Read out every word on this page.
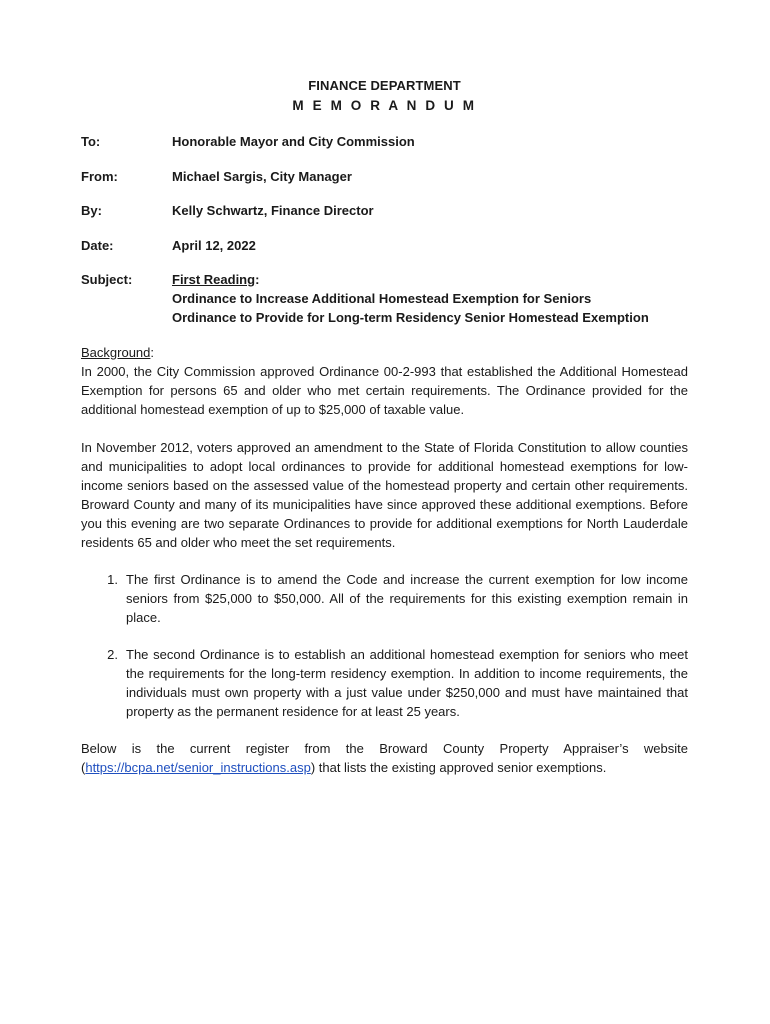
FINANCE DEPARTMENT
M E M O R A N D U M
To:	Honorable Mayor and City Commission
From:	Michael Sargis, City Manager
By:	Kelly Schwartz, Finance Director
Date:	April 12, 2022
Subject:	First Reading:
Ordinance to Increase Additional Homestead Exemption for Seniors
Ordinance to Provide for Long-term Residency Senior Homestead Exemption
Background:

In 2000, the City Commission approved Ordinance 00-2-993 that established the Additional Homestead Exemption for persons 65 and older who met certain requirements. The Ordinance provided for the additional homestead exemption of up to $25,000 of taxable value.

In November 2012, voters approved an amendment to the State of Florida Constitution to allow counties and municipalities to adopt local ordinances to provide for additional homestead exemptions for low-income seniors based on the assessed value of the homestead property and certain other requirements. Broward County and many of its municipalities have since approved these additional exemptions. Before you this evening are two separate Ordinances to provide for additional exemptions for North Lauderdale residents 65 and older who meet the set requirements.

1. The first Ordinance is to amend the Code and increase the current exemption for low income seniors from $25,000 to $50,000. All of the requirements for this existing exemption remain in place.
2. The second Ordinance is to establish an additional homestead exemption for seniors who meet the requirements for the long-term residency exemption. In addition to income requirements, the individuals must own property with a just value under $250,000 and must have maintained that property as the permanent residence for at least 25 years.

Below is the current register from the Broward County Property Appraiser’s website (https://bcpa.net/senior_instructions.asp) that lists the existing approved senior exemptions.
